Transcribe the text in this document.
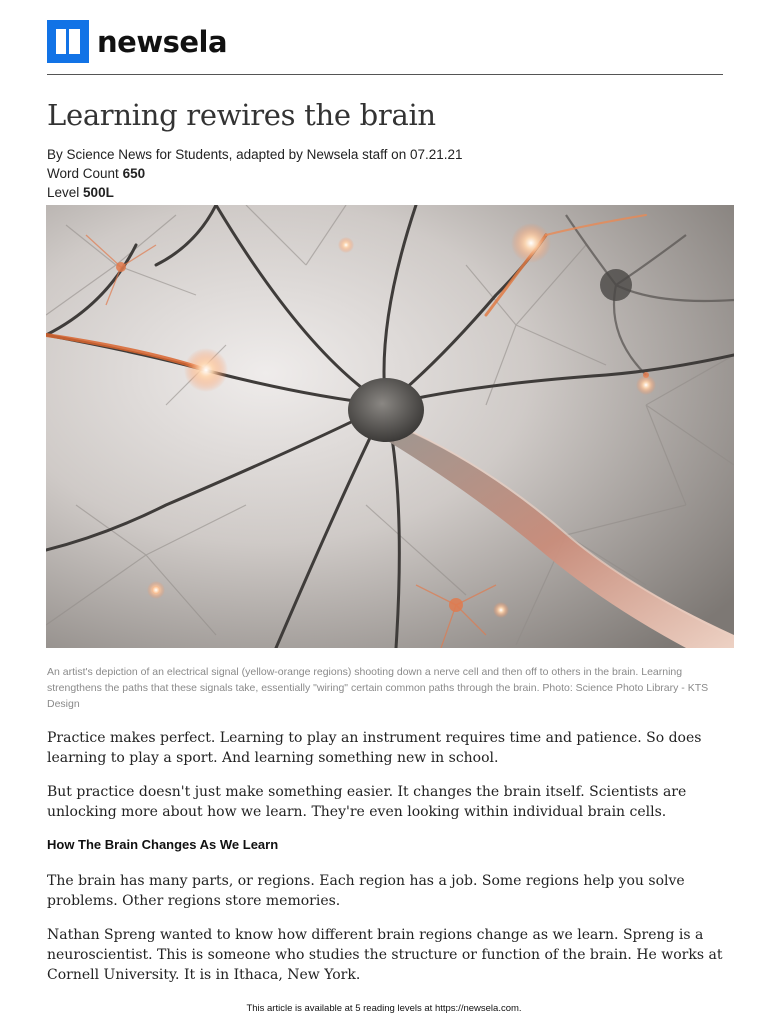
newsela
Learning rewires the brain
By Science News for Students, adapted by Newsela staff on 07.21.21
Word Count 650
Level 500L

An artist's depiction of an electrical signal (yellow-orange regions) shooting down a nerve cell and then off to others in the brain. Learning strengthens the paths that these signals take, essentially "wiring" certain common paths through the brain. Photo: Science Photo Library - KTS Design

Practice makes perfect. Learning to play an instrument requires time and patience. So does learning to play a sport. And learning something new in school.

But practice doesn't just make something easier. It changes the brain itself. Scientists are unlocking more about how we learn. They're even looking within individual brain cells.

How The Brain Changes As We Learn

The brain has many parts, or regions. Each region has a job. Some regions help you solve problems. Other regions store memories.

Nathan Spreng wanted to know how different brain regions change as we learn. Spreng is a neuroscientist. This is someone who studies the structure or function of the brain. He works at Cornell University. It is in Ithaca, New York.

This article is available at 5 reading levels at https://newsela.com.
